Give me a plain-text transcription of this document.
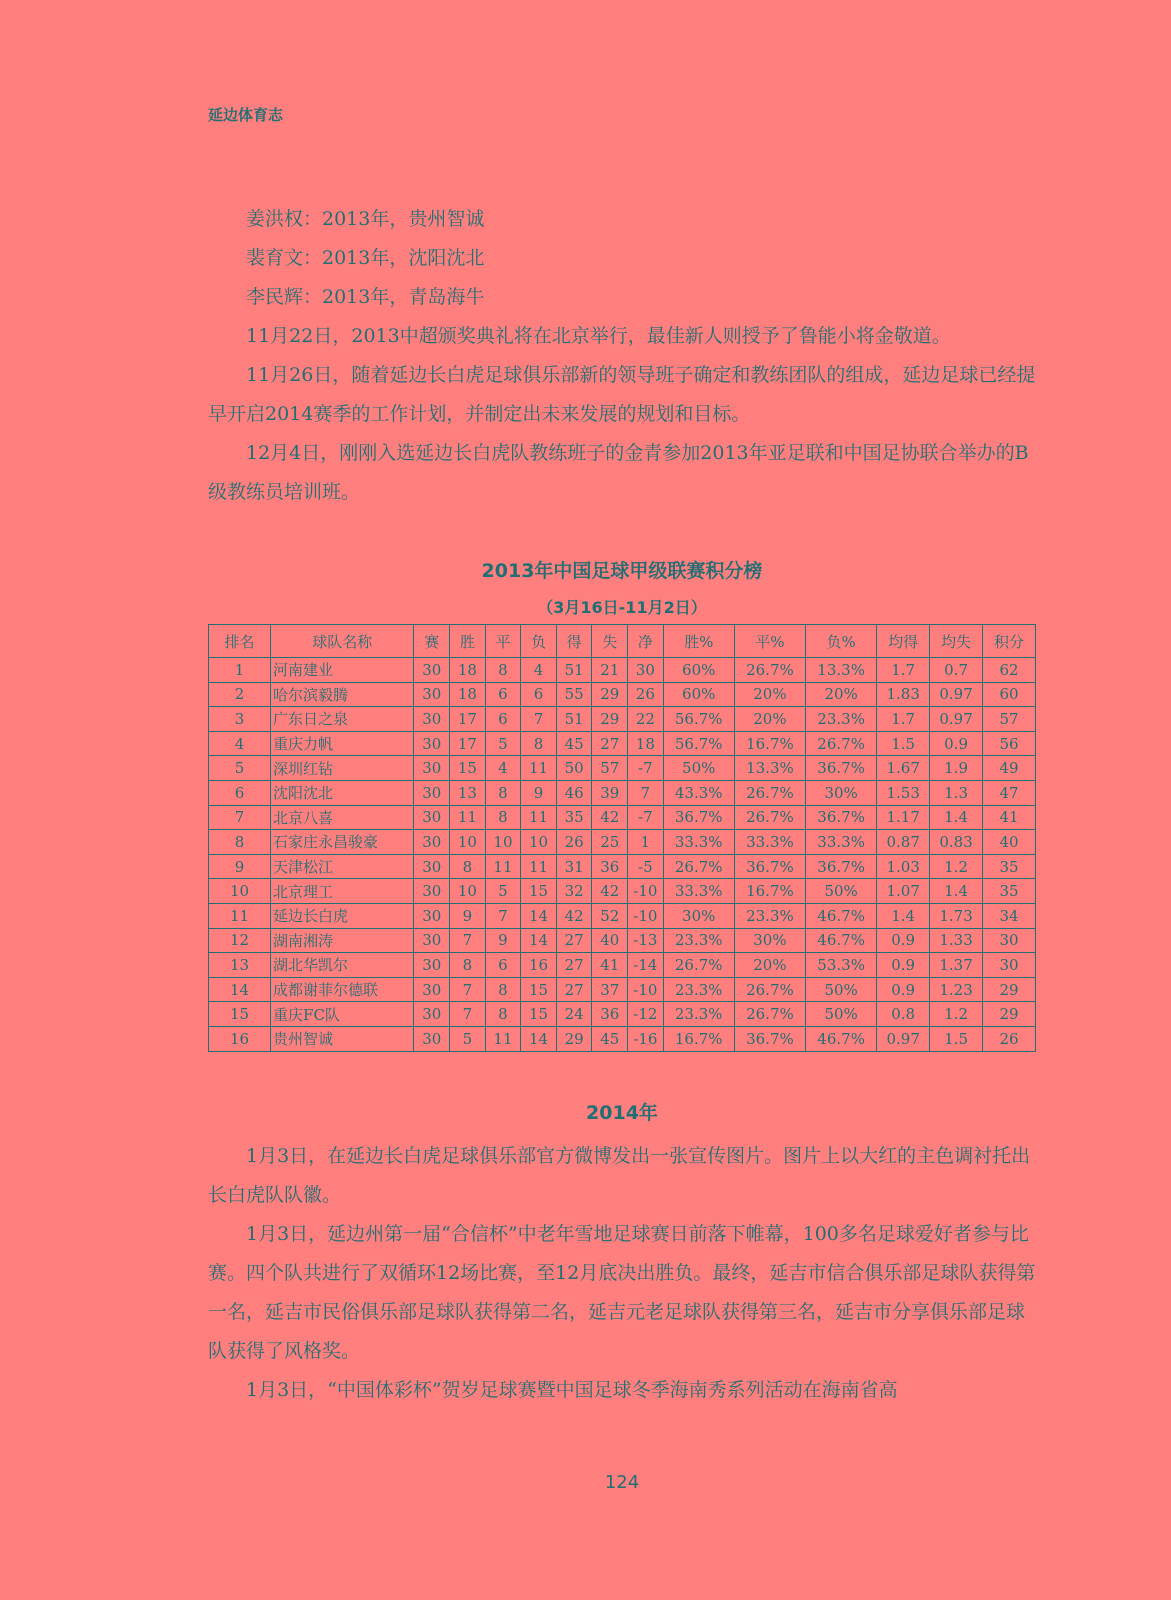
延边体育志

姜洪权：2013年，贵州智诚

裴育文：2013年，沈阳沈北

李民辉：2013年，青岛海牛

11月22日，2013中超颁奖典礼将在北京举行，最佳新人则授予了鲁能小将金敬道。

11月26日，随着延边长白虎足球俱乐部新的领导班子确定和教练团队的组成，延边足球已经提早开启2014赛季的工作计划，并制定出未来发展的规划和目标。

12月4日，刚刚入选延边长白虎队教练班子的金青参加2013年亚足联和中国足协联合举办的B级教练员培训班。

2013年中国足球甲级联赛积分榜
（3月16日-11月2日）
排名	球队名称	赛	胜	平	负	得	失	净	胜%	平%	负%	均得	均失	积分
1	河南建业	30	18	8	4	51	21	30	60%	26.7%	13.3%	1.7	0.7	62
2	哈尔滨毅腾	30	18	6	6	55	29	26	60%	20%	20%	1.83	0.97	60
3	广东日之泉	30	17	6	7	51	29	22	56.7%	20%	23.3%	1.7	0.97	57
4	重庆力帆	30	17	5	8	45	27	18	56.7%	16.7%	26.7%	1.5	0.9	56
5	深圳红钻	30	15	4	11	50	57	-7	50%	13.3%	36.7%	1.67	1.9	49
6	沈阳沈北	30	13	8	9	46	39	7	43.3%	26.7%	30%	1.53	1.3	47
7	北京八喜	30	11	8	11	35	42	-7	36.7%	26.7%	36.7%	1.17	1.4	41
8	石家庄永昌骏豪	30	10	10	10	26	25	1	33.3%	33.3%	33.3%	0.87	0.83	40
9	天津松江	30	8	11	11	31	36	-5	26.7%	36.7%	36.7%	1.03	1.2	35
10	北京理工	30	10	5	15	32	42	-10	33.3%	16.7%	50%	1.07	1.4	35
11	延边长白虎	30	9	7	14	42	52	-10	30%	23.3%	46.7%	1.4	1.73	34
12	湖南湘涛	30	7	9	14	27	40	-13	23.3%	30%	46.7%	0.9	1.33	30
13	湖北华凯尔	30	8	6	16	27	41	-14	26.7%	20%	53.3%	0.9	1.37	30
14	成都谢菲尔德联	30	7	8	15	27	37	-10	23.3%	26.7%	50%	0.9	1.23	29
15	重庆FC队	30	7	8	15	24	36	-12	23.3%	26.7%	50%	0.8	1.2	29
16	贵州智诚	30	5	11	14	29	45	-16	16.7%	36.7%	46.7%	0.97	1.5	26
2014年

1月3日，在延边长白虎足球俱乐部官方微博发出一张宣传图片。图片上以大红的主色调衬托出长白虎队队徽。

1月3日，延边州第一届“合信杯”中老年雪地足球赛日前落下帷幕，100多名足球爱好者参与比赛。四个队共进行了双循环12场比赛，至12月底决出胜负。最终，延吉市信合俱乐部足球队获得第一名，延吉市民俗俱乐部足球队获得第二名，延吉元老足球队获得第三名，延吉市分享俱乐部足球队获得了风格奖。

1月3日，“中国体彩杯”贺岁足球赛暨中国足球冬季海南秀系列活动在海南省高

124
